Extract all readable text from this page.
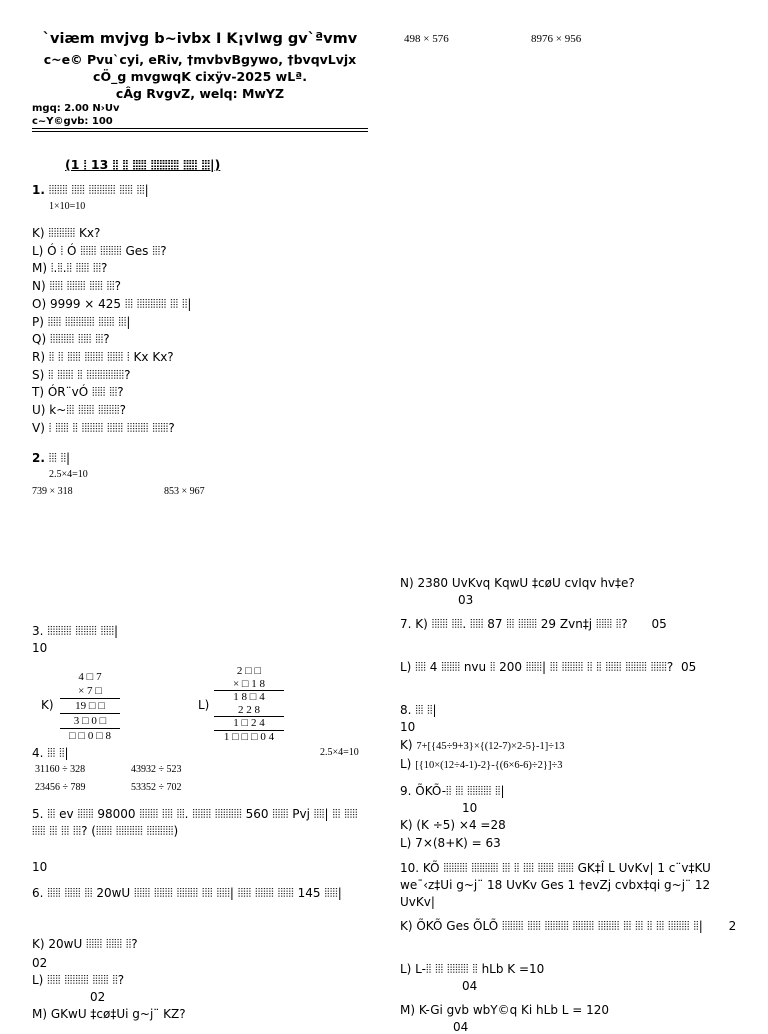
`viæm mvjvg b~ivbx I K¡vIwg gv`ªvmv
c~e© Pvu`cyi, eRiv, †mvbvBgywo, †bvqvLvjx
cÖ_g mvgwqK cixÿv-2025 wLª.
cÂg RvgvZ, welq: MwYZ
mgq: 2.00 N›Uv
c~Y©gvb: 100
498 × 576	8976 × 956
(1 ⦙ 13 ⦙⦙ ⦙⦙ ⦙⦙⦙⦙⦙ ⦙⦙⦙⦙⦙⦙⦙⦙⦙⦙ ⦙⦙⦙⦙⦙ ⦙⦙⦙|)
1. ⦙⦙⦙⦙⦙⦙⦙ ⦙⦙⦙⦙⦙ ⦙⦙⦙⦙⦙⦙⦙⦙⦙⦙ ⦙⦙⦙⦙⦙ ⦙⦙⦙|
1×10=10
K) ⦙⦙⦙⦙⦙⦙⦙⦙⦙⦙ Kx?
L) Ó ⦙ Ó ⦙⦙⦙⦙⦙⦙ ⦙⦙⦙⦙⦙⦙⦙⦙ Ges ⦙⦙⦙?
M) ⦙.⦙⦙.⦙⦙ ⦙⦙⦙⦙⦙ ⦙⦙⦙?
N) ⦙⦙⦙⦙⦙ ⦙⦙⦙⦙⦙⦙⦙ ⦙⦙⦙⦙⦙ ⦙⦙⦙?
O) 9999 × 425 ⦙⦙⦙ ⦙⦙⦙⦙⦙⦙⦙⦙⦙⦙⦙ ⦙⦙⦙ ⦙⦙|
P) ⦙⦙⦙⦙⦙ ⦙⦙⦙⦙⦙⦙⦙⦙⦙⦙⦙ ⦙⦙⦙⦙⦙⦙ ⦙⦙⦙|
Q) ⦙⦙⦙⦙⦙⦙⦙⦙⦙ ⦙⦙⦙⦙⦙ ⦙⦙⦙?
R) ⦙⦙ ⦙⦙ ⦙⦙⦙⦙⦙ ⦙⦙⦙⦙⦙⦙⦙ ⦙⦙⦙⦙⦙⦙ ⦙ Kx Kx?
S) ⦙⦙ ⦙⦙⦙⦙⦙⦙ ⦙⦙ ⦙⦙⦙⦙⦙⦙⦙⦙⦙⦙⦙⦙⦙⦙?
T) ÓR¨vÓ ⦙⦙⦙⦙⦙ ⦙⦙⦙?
U) k~⦙⦙⦙ ⦙⦙⦙⦙⦙⦙ ⦙⦙⦙⦙⦙⦙⦙⦙?
V) ⦙ ⦙⦙⦙⦙⦙ ⦙⦙ ⦙⦙⦙⦙⦙⦙⦙⦙ ⦙⦙⦙⦙⦙⦙ ⦙⦙⦙⦙⦙⦙⦙⦙ ⦙⦙⦙⦙⦙⦙?
2. ⦙⦙⦙ ⦙⦙|
2.5×4=10
739 × 318	853 × 967
3. ⦙⦙⦙⦙⦙⦙⦙⦙⦙ ⦙⦙⦙⦙⦙⦙⦙⦙ ⦙⦙⦙⦙⦙|
10
K)
4 □ 7
× 7 □
19 □ □
3 □ 0 □
□ □ 0 □ 8
L)
2 □ □
× □ 1 8
1 8 □ 4
2 2 8
1 □ 2 4
1 □ □ □ 0 4
4. ⦙⦙⦙ ⦙⦙|	2.5×4=10
31160 ÷ 328	43932 ÷ 523
23456 ÷ 789	53352 ÷ 702
5. ⦙⦙⦙ ev ⦙⦙⦙⦙⦙⦙ 98000 ⦙⦙⦙⦙⦙⦙⦙ ⦙⦙⦙⦙ ⦙⦙⦙. ⦙⦙⦙⦙⦙⦙⦙ ⦙⦙⦙⦙⦙⦙⦙⦙⦙⦙ 560 ⦙⦙⦙⦙⦙⦙ Pvj ⦙⦙⦙⦙| ⦙⦙⦙ ⦙⦙⦙⦙⦙ ⦙⦙⦙⦙⦙ ⦙⦙⦙ ⦙⦙⦙ ⦙⦙⦙? (⦙⦙⦙⦙⦙⦙ ⦙⦙⦙⦙⦙⦙⦙⦙⦙⦙ ⦙⦙⦙⦙⦙⦙⦙⦙⦙⦙)
10
6. ⦙⦙⦙⦙⦙ ⦙⦙⦙⦙⦙⦙ ⦙⦙⦙ 20wU ⦙⦙⦙⦙⦙⦙ ⦙⦙⦙⦙⦙⦙⦙ ⦙⦙⦙⦙⦙⦙⦙⦙ ⦙⦙⦙⦙ ⦙⦙⦙⦙⦙| ⦙⦙⦙⦙⦙ ⦙⦙⦙⦙⦙⦙⦙ ⦙⦙⦙⦙⦙⦙ 145 ⦙⦙⦙⦙⦙|
K) 20wU ⦙⦙⦙⦙⦙⦙ ⦙⦙⦙⦙⦙⦙ ⦙⦙?
02
L) ⦙⦙⦙⦙⦙ ⦙⦙⦙⦙⦙⦙⦙⦙⦙ ⦙⦙⦙⦙⦙⦙ ⦙⦙?
02
M) GKwU ‡cø‡Ui g~j¨ KZ?
N) 2380 UvKvq KqwU ‡cøU cvIqv hv‡e?
03
7. K) ⦙⦙⦙⦙⦙⦙ ⦙⦙⦙⦙. ⦙⦙⦙⦙⦙ 87 ⦙⦙⦙ ⦙⦙⦙⦙⦙⦙⦙ 29 Zvn‡j ⦙⦙⦙⦙⦙⦙ ⦙⦙? 05
L) ⦙⦙⦙⦙ 4 ⦙⦙⦙⦙⦙⦙⦙ nvu ⦙⦙ 200 ⦙⦙⦙⦙⦙⦙| ⦙⦙⦙ ⦙⦙⦙⦙⦙⦙⦙⦙ ⦙⦙ ⦙⦙ ⦙⦙⦙⦙⦙⦙ ⦙⦙⦙⦙⦙⦙⦙⦙ ⦙⦙⦙⦙⦙⦙? 05
8. ⦙⦙⦙ ⦙⦙|
10
K) 7+[{45÷9+3}×{(12-7)×2-5}-1]÷13
L) [{10×(12÷4-1)-2}-{(6×6-6)÷2}]÷3
9. ÕKÕ-⦙⦙ ⦙⦙⦙ ⦙⦙⦙⦙⦙⦙⦙⦙⦙ ⦙⦙|
10
K) (K ÷5) ×4 =28
L) 7×(8+K) = 63
10. KÕ ⦙⦙⦙⦙⦙⦙⦙⦙⦙ ⦙⦙⦙⦙⦙⦙⦙⦙⦙⦙ ⦙⦙⦙ ⦙⦙ ⦙⦙⦙⦙ ⦙⦙⦙⦙⦙⦙ ⦙⦙⦙⦙⦙⦙ GK‡Î L UvKv| 1 c¨v‡KU we¯‹z‡Ui g~j¨ 18 UvKv Ges 1 †evZj cvbx‡qi g~j¨ 12 UvKv|
K) ÕKÕ Ges ÕLÕ ⦙⦙⦙⦙⦙⦙⦙⦙ ⦙⦙⦙⦙⦙ ⦙⦙⦙⦙⦙⦙⦙⦙⦙ ⦙⦙⦙⦙⦙⦙⦙⦙ ⦙⦙⦙⦙⦙⦙⦙⦙ ⦙⦙⦙ ⦙⦙⦙ ⦙⦙ ⦙⦙⦙ ⦙⦙⦙⦙⦙⦙⦙⦙ ⦙⦙| 2
L) L-⦙⦙ ⦙⦙⦙ ⦙⦙⦙⦙⦙⦙⦙⦙ ⦙⦙ hLb K =10
04
M) K-Gi gvb wbY©q Ki hLb L = 120
04
